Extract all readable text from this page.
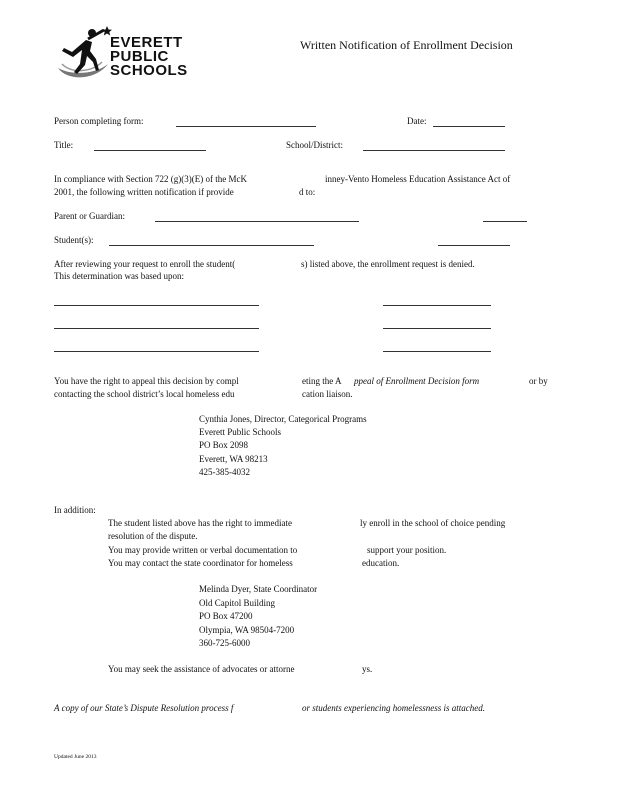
EVERETT
PUBLIC
SCHOOLS
Written Notification of Enrollment Decision
Person completing form:	Date:
Title:	School/District:
In compliance with Section 722 (g)(3)(E) of the McK	inney-Vento Homeless Education Assistance Act of
2001, the following written notification if provide	d to:
Parent or Guardian:
Student(s):
After reviewing your request to enroll the student(	s) listed above, the enrollment request is denied.
This determination was based upon:
You have the right to appeal this decision by compl	eting the A ppeal of Enrollment Decision form	or by
contacting the school district’s local homeless edu	cation liaison.
Cynthia Jones, Director, Categorical Programs
Everett Public Schools
PO Box 2098
Everett, WA 98213
425-385-4032
In addition:
The student listed above has the right to immediate	ly enroll in the school of choice pending
resolution of the dispute.
You may provide written or verbal documentation to	support your position.
You may contact the state coordinator for homeless	education.
Melinda Dyer, State Coordinator
Old Capitol Building
PO Box 47200
Olympia, WA 98504-7200
360-725-6000
You may seek the assistance of advocates or attorne	ys.
A copy of our State’s Dispute Resolution process f	or students experiencing homelessness is attached.
Updated June 2013
